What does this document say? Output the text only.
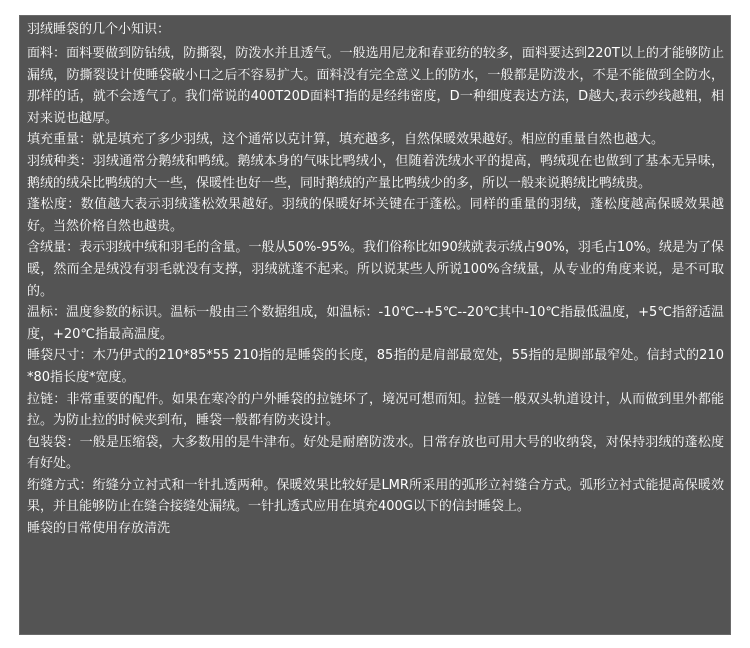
羽绒睡袋的几个小知识：

面料：面料要做到防钻绒，防撕裂，防泼水并且透气。一般选用尼龙和春亚纺的较多，面料要达到220T以上的才能够防止漏绒，防撕裂设计使睡袋破小口之后不容易扩大。面料没有完全意义上的防水，一般都是防泼水，不是不能做到全防水，那样的话，就不会透气了。我们常说的400T20D面料T指的是经纬密度，D一种细度表达方法，D越大,表示纱线越粗，相对来说也越厚。

填充重量：就是填充了多少羽绒，这个通常以克计算，填充越多，自然保暖效果越好。相应的重量自然也越大。

羽绒种类：羽绒通常分鹅绒和鸭绒。鹅绒本身的气味比鸭绒小，但随着洗绒水平的提高，鸭绒现在也做到了基本无异味，鹅绒的绒朵比鸭绒的大一些，保暖性也好一些，同时鹅绒的产量比鸭绒少的多，所以一般来说鹅绒比鸭绒贵。

蓬松度：数值越大表示羽绒蓬松效果越好。羽绒的保暖好坏关键在于蓬松。同样的重量的羽绒，蓬松度越高保暖效果越好。当然价格自然也越贵。

含绒量：表示羽绒中绒和羽毛的含量。一般从50%-95%。我们俗称比如90绒就表示绒占90%，羽毛占10%。绒是为了保暖，然而全是绒没有羽毛就没有支撑，羽绒就蓬不起来。所以说某些人所说100%含绒量，从专业的角度来说，是不可取的。

温标：温度参数的标识。温标一般由三个数据组成，如温标：-10℃--+5℃--20℃其中-10℃指最低温度，+5℃指舒适温度，+20℃指最高温度。

睡袋尺寸：木乃伊式的210*85*55 210指的是睡袋的长度，85指的是肩部最宽处，55指的是脚部最窄处。信封式的210*80指长度*宽度。

拉链：非常重要的配件。如果在寒冷的户外睡袋的拉链坏了，境况可想而知。拉链一般双头轨道设计，从而做到里外都能拉。为防止拉的时候夹到布，睡袋一般都有防夹设计。

包装袋：一般是压缩袋，大多数用的是牛津布。好处是耐磨防泼水。日常存放也可用大号的收纳袋，对保持羽绒的蓬松度有好处。

绗缝方式：绗缝分立衬式和一针扎透两种。保暖效果比较好是LMR所采用的弧形立衬缝合方式。弧形立衬式能提高保暖效果，并且能够防止在缝合接缝处漏绒。一针扎透式应用在填充400G以下的信封睡袋上。

睡袋的日常使用存放清洗
